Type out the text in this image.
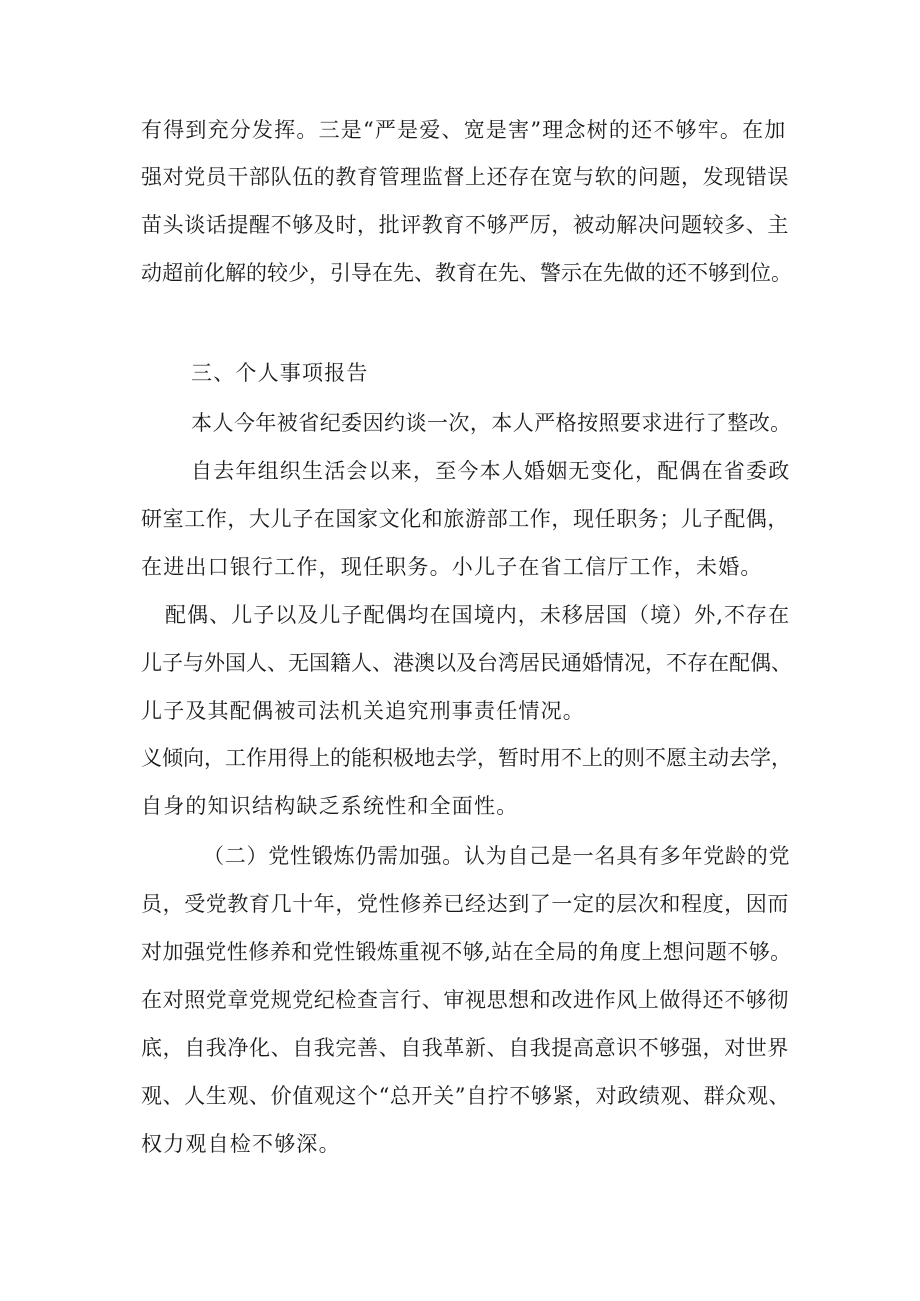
有得到充分发挥。三是“严是爱、宽是害”理念树的还不够牢。在加

强对党员干部队伍的教育管理监督上还存在宽与软的问题，发现错误

苗头谈话提醒不够及时，批评教育不够严厉，被动解决问题较多、主

动超前化解的较少，引导在先、教育在先、警示在先做的还不够到位。

三、个人事项报告

本人今年被省纪委因约谈一次，本人严格按照要求进行了整改。

自去年组织生活会以来，至今本人婚姻无变化，配偶在省委政

研室工作，大儿子在国家文化和旅游部工作，现任职务；儿子配偶，

在进出口银行工作，现任职务。小儿子在省工信厅工作，未婚。

配偶、儿子以及儿子配偶均在国境内，未移居国（境）外,不存在

儿子与外国人、无国籍人、港澳以及台湾居民通婚情况，不存在配偶、

儿子及其配偶被司法机关追究刑事责任情况。

义倾向，工作用得上的能积极地去学，暂时用不上的则不愿主动去学，

自身的知识结构缺乏系统性和全面性。

（二）党性锻炼仍需加强。认为自己是一名具有多年党龄的党

员，受党教育几十年，党性修养已经达到了一定的层次和程度，因而

对加强党性修养和党性锻炼重视不够,站在全局的角度上想问题不够。

在对照党章党规党纪检查言行、审视思想和改进作风上做得还不够彻

底，自我净化、自我完善、自我革新、自我提高意识不够强，对世界

观、人生观、价值观这个“总开关”自拧不够紧，对政绩观、群众观、

权力观自检不够深。
